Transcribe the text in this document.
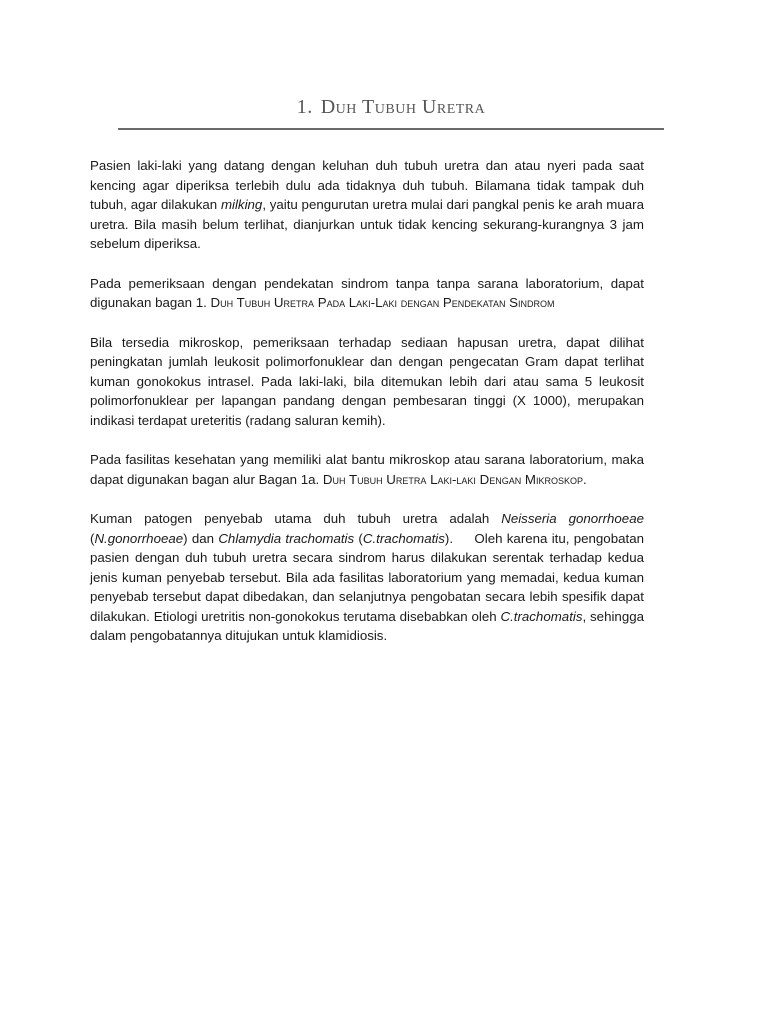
1. Duh Tubuh Uretra

Pasien laki-laki yang datang dengan keluhan duh tubuh uretra dan atau nyeri pada saat kencing agar diperiksa terlebih dulu ada tidaknya duh tubuh. Bilamana tidak tampak duh tubuh, agar dilakukan milking, yaitu pengurutan uretra mulai dari pangkal penis ke arah muara uretra. Bila masih belum terlihat, dianjurkan untuk tidak kencing sekurang-kurangnya 3 jam sebelum diperiksa.

Pada pemeriksaan dengan pendekatan sindrom tanpa tanpa sarana laboratorium, dapat digunakan bagan 1. Duh Tubuh Uretra Pada Laki-Laki dengan Pendekatan Sindrom

Bila tersedia mikroskop, pemeriksaan terhadap sediaan hapusan uretra, dapat dilihat peningkatan jumlah leukosit polimorfonuklear dan dengan pengecatan Gram dapat terlihat kuman gonokokus intrasel. Pada laki-laki, bila ditemukan lebih dari atau sama 5 leukosit polimorfonuklear per lapangan pandang dengan pembesaran tinggi (X 1000), merupakan indikasi terdapat ureteritis (radang saluran kemih).

Pada fasilitas kesehatan yang memiliki alat bantu mikroskop atau sarana laboratorium, maka dapat digunakan bagan alur Bagan 1a. Duh Tubuh Uretra Laki-laki Dengan Mikroskop.

Kuman patogen penyebab utama duh tubuh uretra adalah Neisseria gonorrhoeae (N.gonorrhoeae) dan Chlamydia trachomatis (C.trachomatis).     Oleh karena itu, pengobatan pasien dengan duh tubuh uretra secara sindrom harus dilakukan serentak terhadap kedua jenis kuman penyebab tersebut. Bila ada fasilitas laboratorium yang memadai, kedua kuman penyebab tersebut dapat dibedakan, dan selanjutnya pengobatan secara lebih spesifik dapat dilakukan. Etiologi uretritis non-gonokokus terutama disebabkan oleh C.trachomatis, sehingga dalam pengobatannya ditujukan untuk klamidiosis.
